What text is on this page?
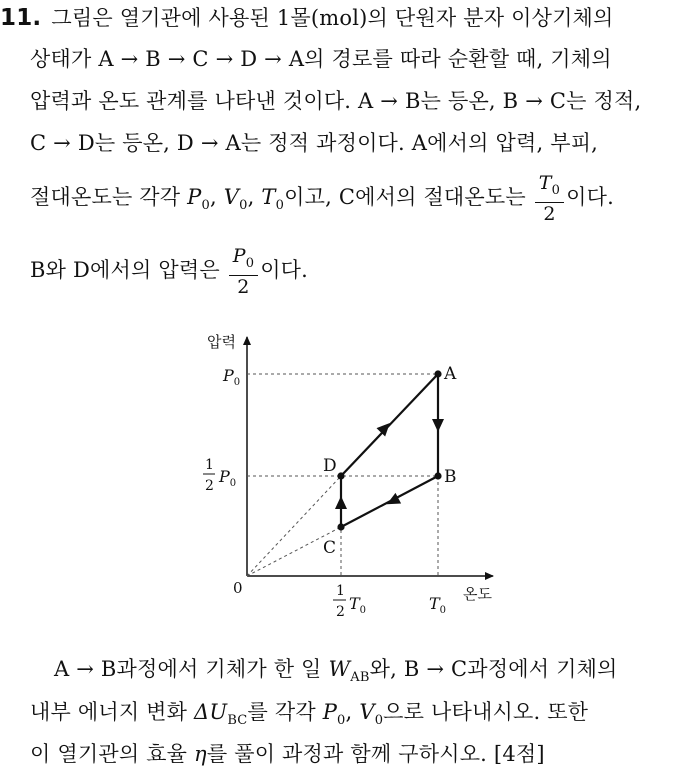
11. 그림은 열기관에 사용된 1몰(mol)의 단원자 분자 이상기체의
상태가 A → B → C → D → A의 경로를 따라 순환할 때, 기체의
압력과 온도 관계를 나타낸 것이다. A → B는 등온, B → C는 정적,
C → D는 등온, D → A는 정적 과정이다. A에서의 압력, 부피,
절대온도는 각각 $P_0$, $V_0$, $T_0$이고, C에서의 절대온도는 $\frac{T_0}{2}$ 이다.
B와 D에서의 압력은 $\frac{P_0}{2}$ 이다.
A
B
C
D
압력
온도
0
$P_0$
1
2 $P_0$
1
2 $T_0$	$T_0$
A → B과정에서 기체가 한 일 $W_{AB}$와, B → C과정에서 기체의
내부 에너지 변화 $\Delta U_{BC}$를 각각 $P_0$, $V_0$으로 나타내시오. 또한
이 열기관의 효율 η를 풀이 과정과 함께 구하시오. [4점]
